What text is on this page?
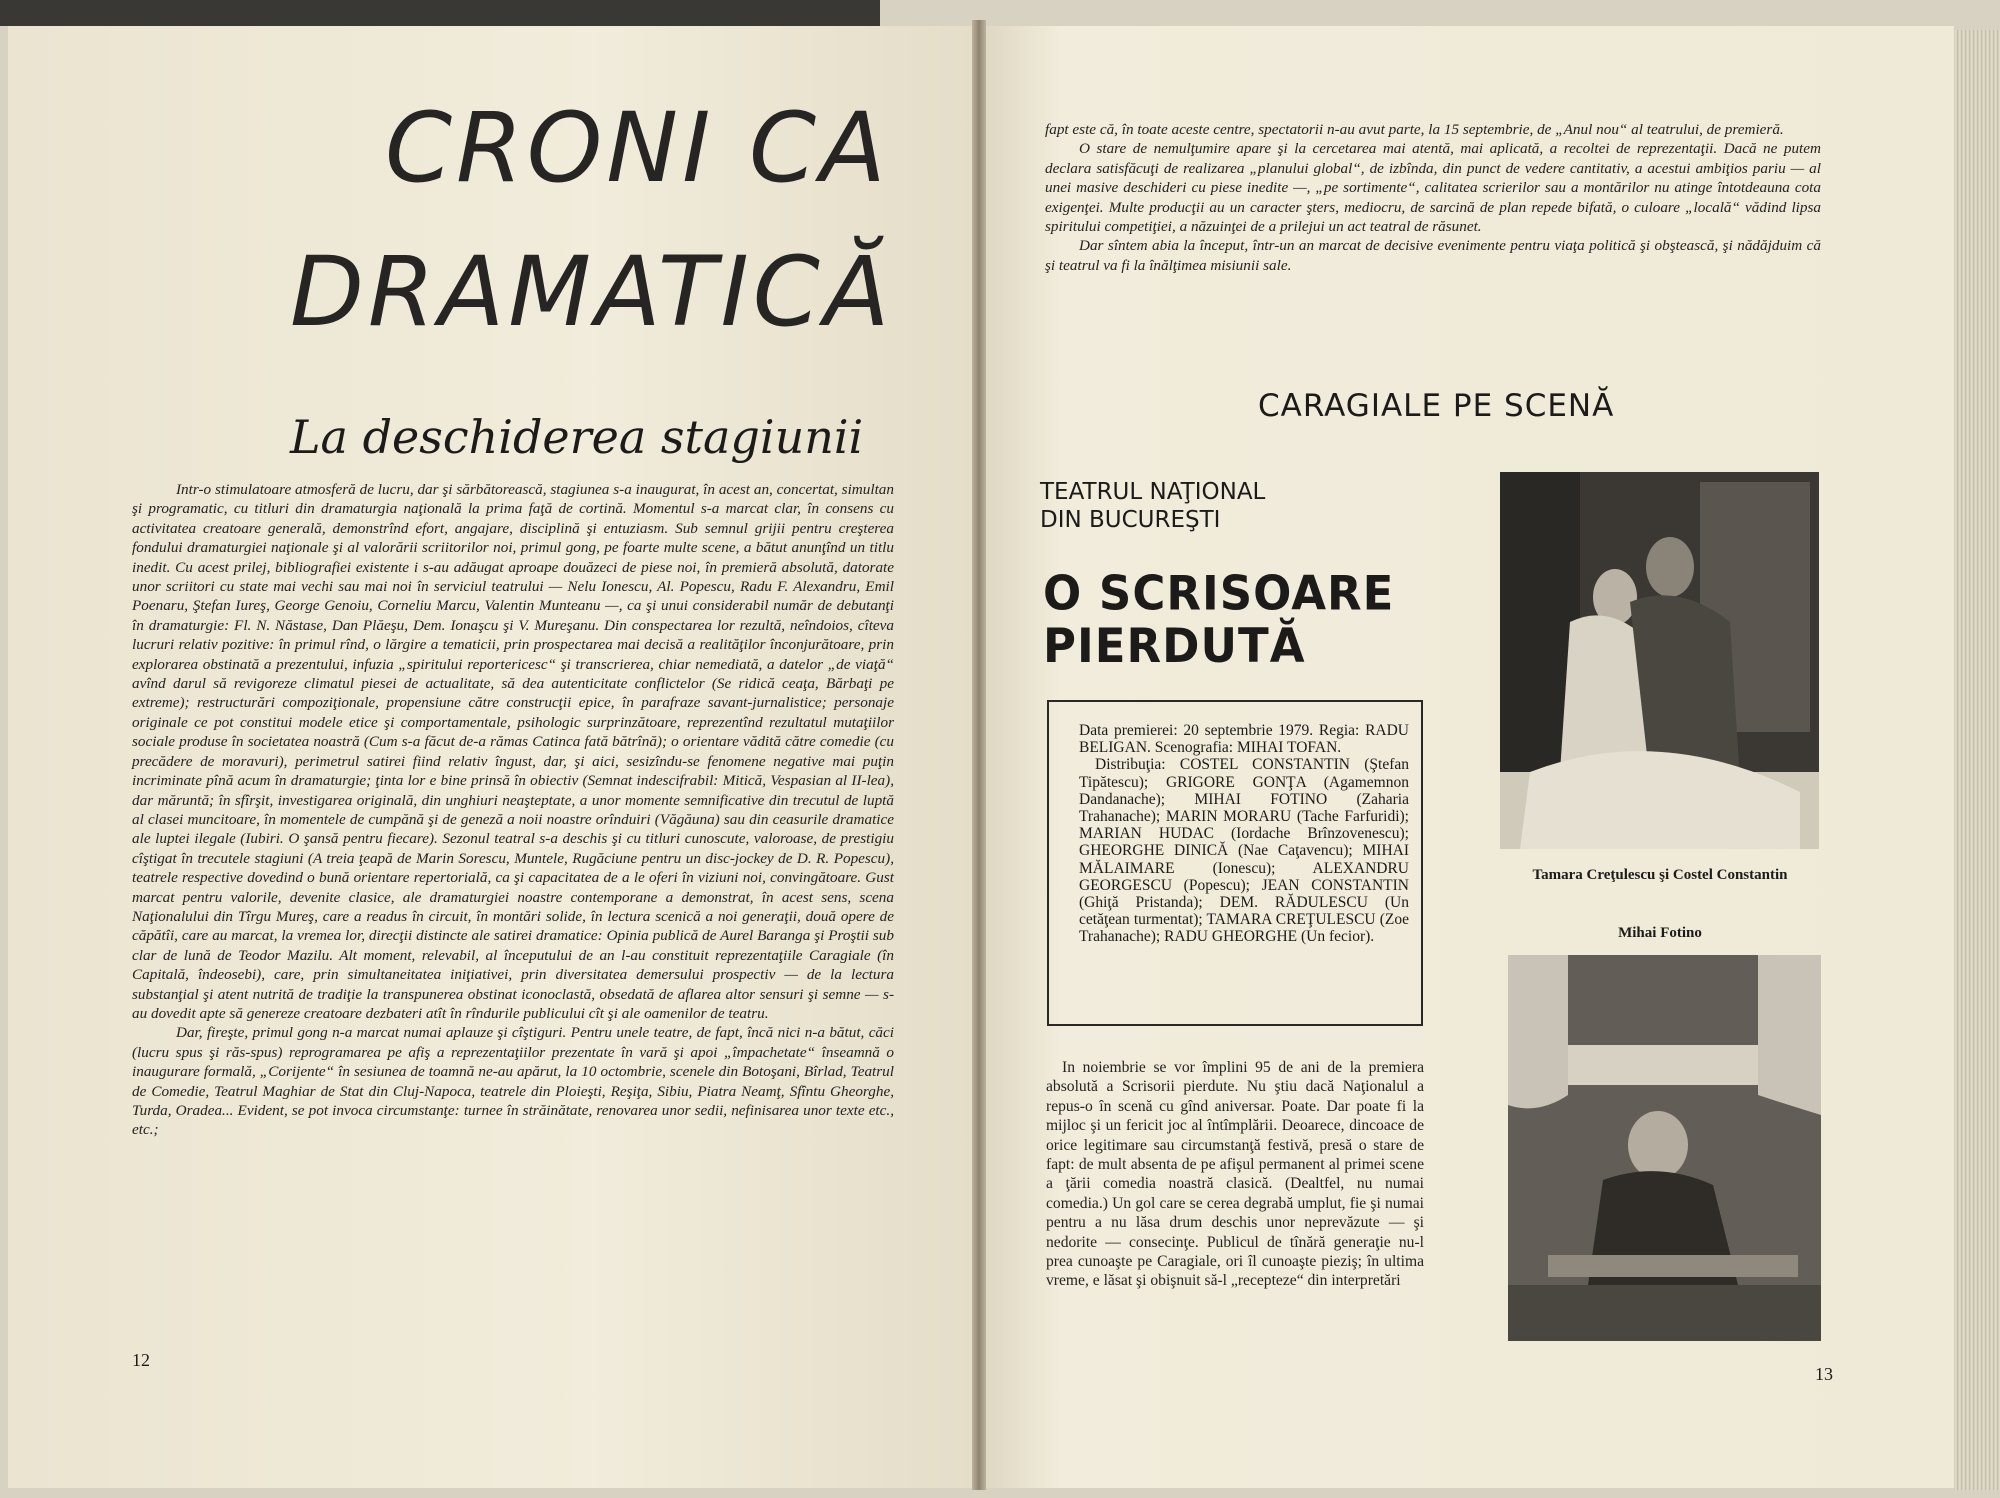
CRONI CA
DRAMATICĂ
La deschiderea stagiunii

Intr-o stimulatoare atmosferă de lucru, dar şi sărbătorească, stagiunea s-a inaugurat, în acest an, concertat, simultan şi programatic, cu titluri din dramaturgia naţională la prima faţă de cortină. Momentul s-a marcat clar, în consens cu activitatea creatoare generală, demonstrînd efort, angajare, disciplină şi entuziasm. Sub semnul grijii pentru creşterea fondului dramaturgiei naţionale şi al valorării scriitorilor noi, primul gong, pe foarte multe scene, a bătut anunţînd un titlu inedit. Cu acest prilej, bibliografiei existente i s-au adăugat aproape douăzeci de piese noi, în premieră absolută, datorate unor scriitori cu state mai vechi sau mai noi în serviciul teatrului — Nelu Ionescu, Al. Popescu, Radu F. Alexandru, Emil Poenaru, Ştefan Iureş, George Genoiu, Corneliu Marcu, Valentin Munteanu —, ca şi unui considerabil număr de debutanţi în dramaturgie: Fl. N. Năstase, Dan Plăeşu, Dem. Ionaşcu şi V. Mureşanu. Din conspectarea lor rezultă, neîndoios, cîteva lucruri relativ pozitive: în primul rînd, o lărgire a tematicii, prin prospectarea mai decisă a realităţilor înconjurătoare, prin explorarea obstinată a prezentului, infuzia „spiritului reportericesc“ şi transcrierea, chiar nemediată, a datelor „de viaţă“ avînd darul să revigoreze climatul piesei de actualitate, să dea autenticitate conflictelor (Se ridică ceaţa, Bărbaţi pe extreme); restructurări compoziţionale, propensiune către construcţii epice, în parafraze savant-jurnalistice; personaje originale ce pot constitui modele etice şi comportamentale, psihologic surprinzătoare, reprezentînd rezultatul mutaţiilor sociale produse în societatea noastră (Cum s-a făcut de-a rămas Catinca fată bătrînă); o orientare vădită către comedie (cu precădere de moravuri), perimetrul satirei fiind relativ îngust, dar, şi aici, sesizîndu-se fenomene negative mai puţin incriminate pînă acum în dramaturgie; ţinta lor e bine prinsă în obiectiv (Semnat indescifrabil: Mitică, Vespasian al II-lea), dar măruntă; în sfîrşit, investigarea originală, din unghiuri neaşteptate, a unor momente semnificative din trecutul de luptă al clasei muncitoare, în momentele de cumpănă şi de geneză a noii noastre orînduiri (Văgăuna) sau din ceasurile dramatice ale luptei ilegale (Iubiri. O şansă pentru fiecare). Sezonul teatral s-a deschis şi cu titluri cunoscute, valoroase, de prestigiu cîştigat în trecutele stagiuni (A treia ţeapă de Marin Sorescu, Muntele, Rugăciune pentru un disc-jockey de D. R. Popescu), teatrele respective dovedind o bună orientare repertorială, ca şi capacitatea de a le oferi în viziuni noi, convingătoare. Gust marcat pentru valorile, devenite clasice, ale dramaturgiei noastre contemporane a demonstrat, în acest sens, scena Naţionalului din Tîrgu Mureş, care a readus în circuit, în montări solide, în lectura scenică a noi generaţii, două opere de căpătîi, care au marcat, la vremea lor, direcţii distincte ale satirei dramatice: Opinia publică de Aurel Baranga şi Proştii sub clar de lună de Teodor Mazilu. Alt moment, relevabil, al începutului de an l-au constituit reprezentaţiile Caragiale (în Capitală, îndeosebi), care, prin simultaneitatea iniţiativei, prin diversitatea demersului prospectiv — de la lectura substanţial şi atent nutrită de tradiţie la transpunerea obstinat iconoclastă, obsedată de aflarea altor sensuri şi semne — s-au dovedit apte să genereze creatoare dezbateri atît în rîndurile publicului cît şi ale oamenilor de teatru.

Dar, fireşte, primul gong n-a marcat numai aplauze şi cîştiguri. Pentru unele teatre, de fapt, încă nici n-a bătut, căci (lucru spus şi răs-spus) reprogramarea pe afiş a reprezentaţiilor prezentate în vară şi apoi „împachetate“ înseamnă o inaugurare formală, „Corijente“ în sesiunea de toamnă ne-au apărut, la 10 octombrie, scenele din Botoşani, Bîrlad, Teatrul de Comedie, Teatrul Maghiar de Stat din Cluj-Napoca, teatrele din Ploieşti, Reşiţa, Sibiu, Piatra Neamţ, Sfîntu Gheorghe, Turda, Oradea... Evident, se pot invoca circumstanţe: turnee în străinătate, renovarea unor sedii, nefinisarea unor texte etc., etc.;

12

fapt este că, în toate aceste centre, spectatorii n-au avut parte, la 15 septembrie, de „Anul nou“ al teatrului, de premieră.

O stare de nemulţumire apare şi la cercetarea mai atentă, mai aplicată, a recoltei de reprezentaţii. Dacă ne putem declara satisfăcuţi de realizarea „planului global“, de izbînda, din punct de vedere cantitativ, a acestui ambiţios pariu — al unei masive deschideri cu piese inedite —, „pe sortimente“, calitatea scrierilor sau a montărilor nu atinge întotdeauna cota exigenţei. Multe producţii au un caracter şters, mediocru, de sarcină de plan repede bifată, o culoare „locală“ vădind lipsa spiritului competiţiei, a năzuinţei de a prilejui un act teatral de răsunet.

Dar sîntem abia la început, într-un an marcat de decisive evenimente pentru viaţa politică şi obştească, şi nădăjduim că şi teatrul va fi la înălţimea misiunii sale.

CARAGIALE PE SCENĂ
TEATRUL NAŢIONAL
DIN BUCUREŞTI
O SCRISOARE
PIERDUTĂ

Data premierei: 20 septembrie 1979. Regia: RADU BELIGAN. Scenografia: MIHAI TOFAN.

Distribuţia: COSTEL CONSTANTIN (Ştefan Tipătescu); GRIGORE GONŢA (Agamemnon Dandanache); MIHAI FOTINO (Zaharia Trahanache); MARIN MORARU (Tache Farfuridi); MARIAN HUDAC (Iordache Brînzovenescu); GHEORGHE DINICĂ (Nae Caţavencu); MIHAI MĂLAIMARE (Ionescu); ALEXANDRU GEORGESCU (Popescu); JEAN CONSTANTIN (Ghiţă Pristanda); DEM. RĂDULESCU (Un cetăţean turmentat); TAMARA CREŢULESCU (Zoe Trahanache); RADU GHEORGHE (Un fecior).

In noiembrie se vor împlini 95 de ani de la premiera absolută a Scrisorii pierdute. Nu ştiu dacă Naţionalul a repus-o în scenă cu gînd aniversar. Poate. Dar poate fi la mijloc şi un fericit joc al întîmplării. Deoarece, dincoace de orice legitimare sau circumstanţă festivă, presă o stare de fapt: de mult absenta de pe afişul permanent al primei scene a ţării comedia noastră clasică. (Dealtfel, nu numai comedia.) Un gol care se cerea degrabă umplut, fie şi numai pentru a nu lăsa drum deschis unor neprevăzute — şi nedorite — consecinţe. Publicul de tînără generaţie nu-l prea cunoaşte pe Caragiale, ori îl cunoaşte pieziş; în ultima vreme, e lăsat şi obişnuit să-l „recepteze“ din interpretări

Tamara Creţulescu şi Costel Constantin

Mihai Fotino

13
